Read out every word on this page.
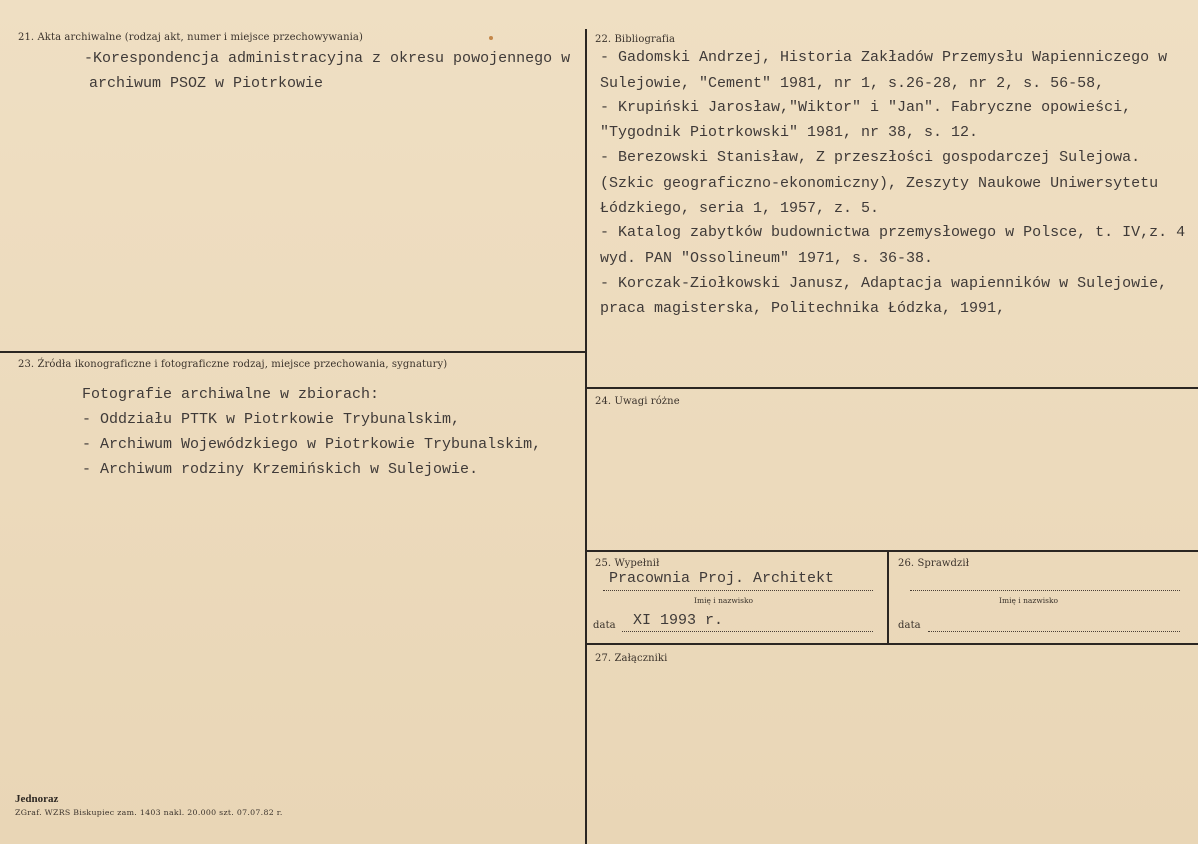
21. Akta archiwalne (rodzaj akt, numer i miejsce przechowywania)
-Korespondencja administracyjna z okresu powojennego w
archiwum PSOZ w Piotrkowie
22. Bibliografia
- Gadomski Andrzej, Historia Zakładów Przemysłu Wapienniczego w
Sulejowie, "Cement" 1981, nr 1, s.26-28, nr 2, s. 56-58,
- Krupiński Jarosław,"Wiktor" i "Jan". Fabryczne opowieści,
"Tygodnik Piotrkowski" 1981, nr 38, s. 12.
- Berezowski Stanisław, Z przeszłości gospodarczej Sulejowa.
(Szkic geograficzno-ekonomiczny), Zeszyty Naukowe Uniwersytetu
Łódzkiego, seria 1, 1957, z. 5.
- Katalog zabytków budownictwa przemysłowego w Polsce, t. IV,z. 4
wyd. PAN "Ossolineum" 1971, s. 36-38.
- Korczak-Ziołkowski Janusz, Adaptacja wapienników w Sulejowie,
praca magisterska, Politechnika Łódzka, 1991,
23. Źródła ikonograficzne i fotograficzne rodzaj, miejsce przechowania, sygnatury)
Fotografie archiwalne w zbiorach:
- Oddziału PTTK w Piotrkowie Trybunalskim,
- Archiwum Wojewódzkiego w Piotrkowie Trybunalskim,
- Archiwum rodziny Krzemińskich w Sulejowie.
24. Uwagi różne
25. Wypełnił
Pracownia Proj. Architekt
Imię i nazwisko
data XI 1993 r.
26. Sprawdził
Imię i nazwisko
data
27. Załączniki
Jednoraz
ZGraf. WZRS Biskupiec zam. 1403 nakl. 20.000 szt. 07.07.82 r.
